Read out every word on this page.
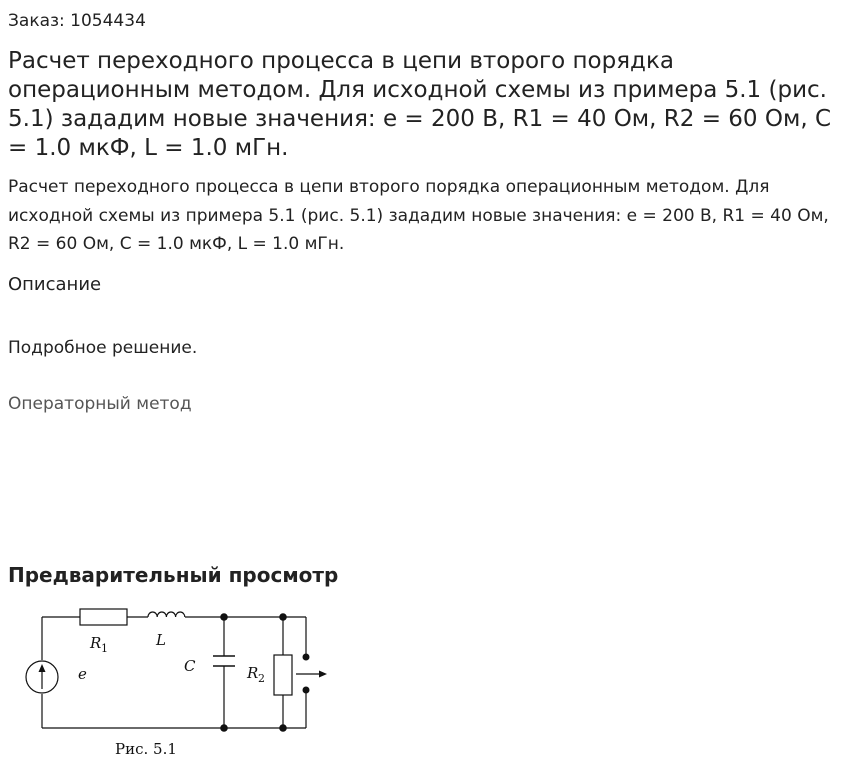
Заказ: 1054434
Расчет переходного процесса в цепи второго порядка операционным методом. Для исходной схемы из примера 5.1 (рис. 5.1) зададим новые значения: е = 200 В, R1 = 40 Ом, R2 = 60 Ом, С = 1.0 мкФ, L = 1.0 мГн.

Расчет переходного процесса в цепи второго порядка операционным методом. Для исходной схемы из примера 5.1 (рис. 5.1) зададим новые значения: е = 200 В, R1 = 40 Ом, R2 = 60 Ом, С = 1.0 мкФ, L = 1.0 мГн.

Описание
Подробное решение.
Операторный метод
Предварительный просмотр
R 1	L
C
e	R 2
Рис. 5.1
